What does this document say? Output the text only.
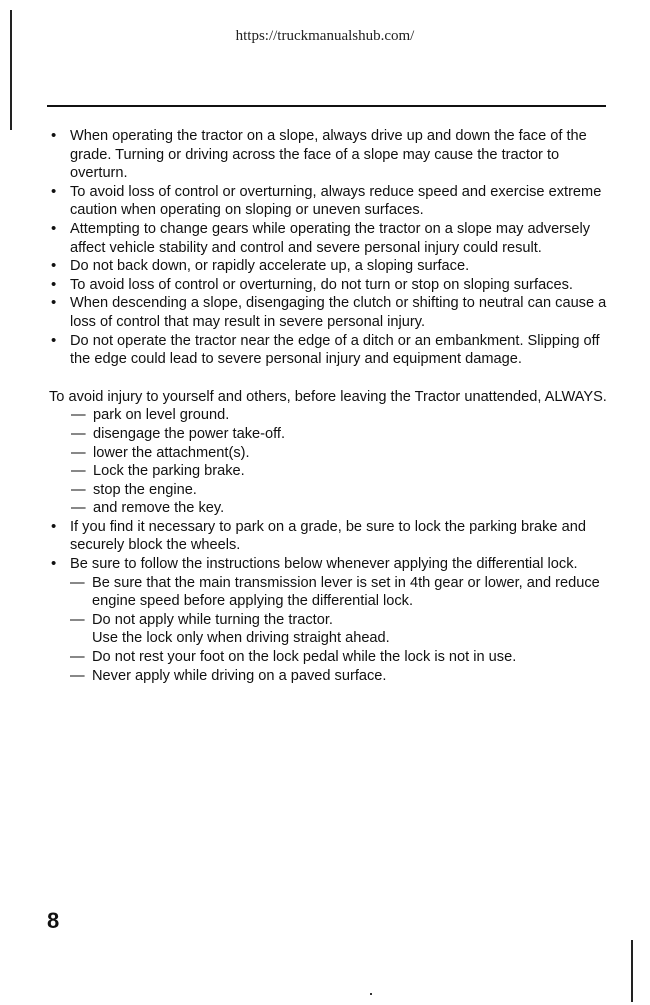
https://truckmanualshub.com/
• When operating the tractor on a slope, always drive up and down the face of the grade. Turning or driving across the face of a slope may cause the tractor to overturn.
• To avoid loss of control or overturning, always reduce speed and exercise extreme caution when operating on sloping or uneven surfaces.
• Attempting to change gears while operating the tractor on a slope may adversely affect vehicle stability and control and severe personal injury could result.
• Do not back down, or rapidly accelerate up, a sloping surface.
• To avoid loss of control or overturning, do not turn or stop on sloping surfaces.
• When descending a slope, disengaging the clutch or shifting to neutral can cause a loss of control that may result in severe personal injury.
• Do not operate the tractor near the edge of a ditch or an embankment. Slipping off the edge could lead to severe personal injury and equipment damage.
To avoid injury to yourself and others, before leaving the Tractor unattended, ALWAYS.
— park on level ground.
— disengage the power take-off.
— lower the attachment(s).
— Lock the parking brake.
— stop the engine.
— and remove the key.
• If you find it necessary to park on a grade, be sure to lock the parking brake and securely block the wheels.
• Be sure to follow the instructions below whenever applying the differential lock.
— Be sure that the main transmission lever is set in 4th gear or lower, and reduce engine speed before applying the differential lock.
— Do not apply while turning the tractor.
Use the lock only when driving straight ahead.
— Do not rest your foot on the lock pedal while the lock is not in use.
— Never apply while driving on a paved surface.
8
